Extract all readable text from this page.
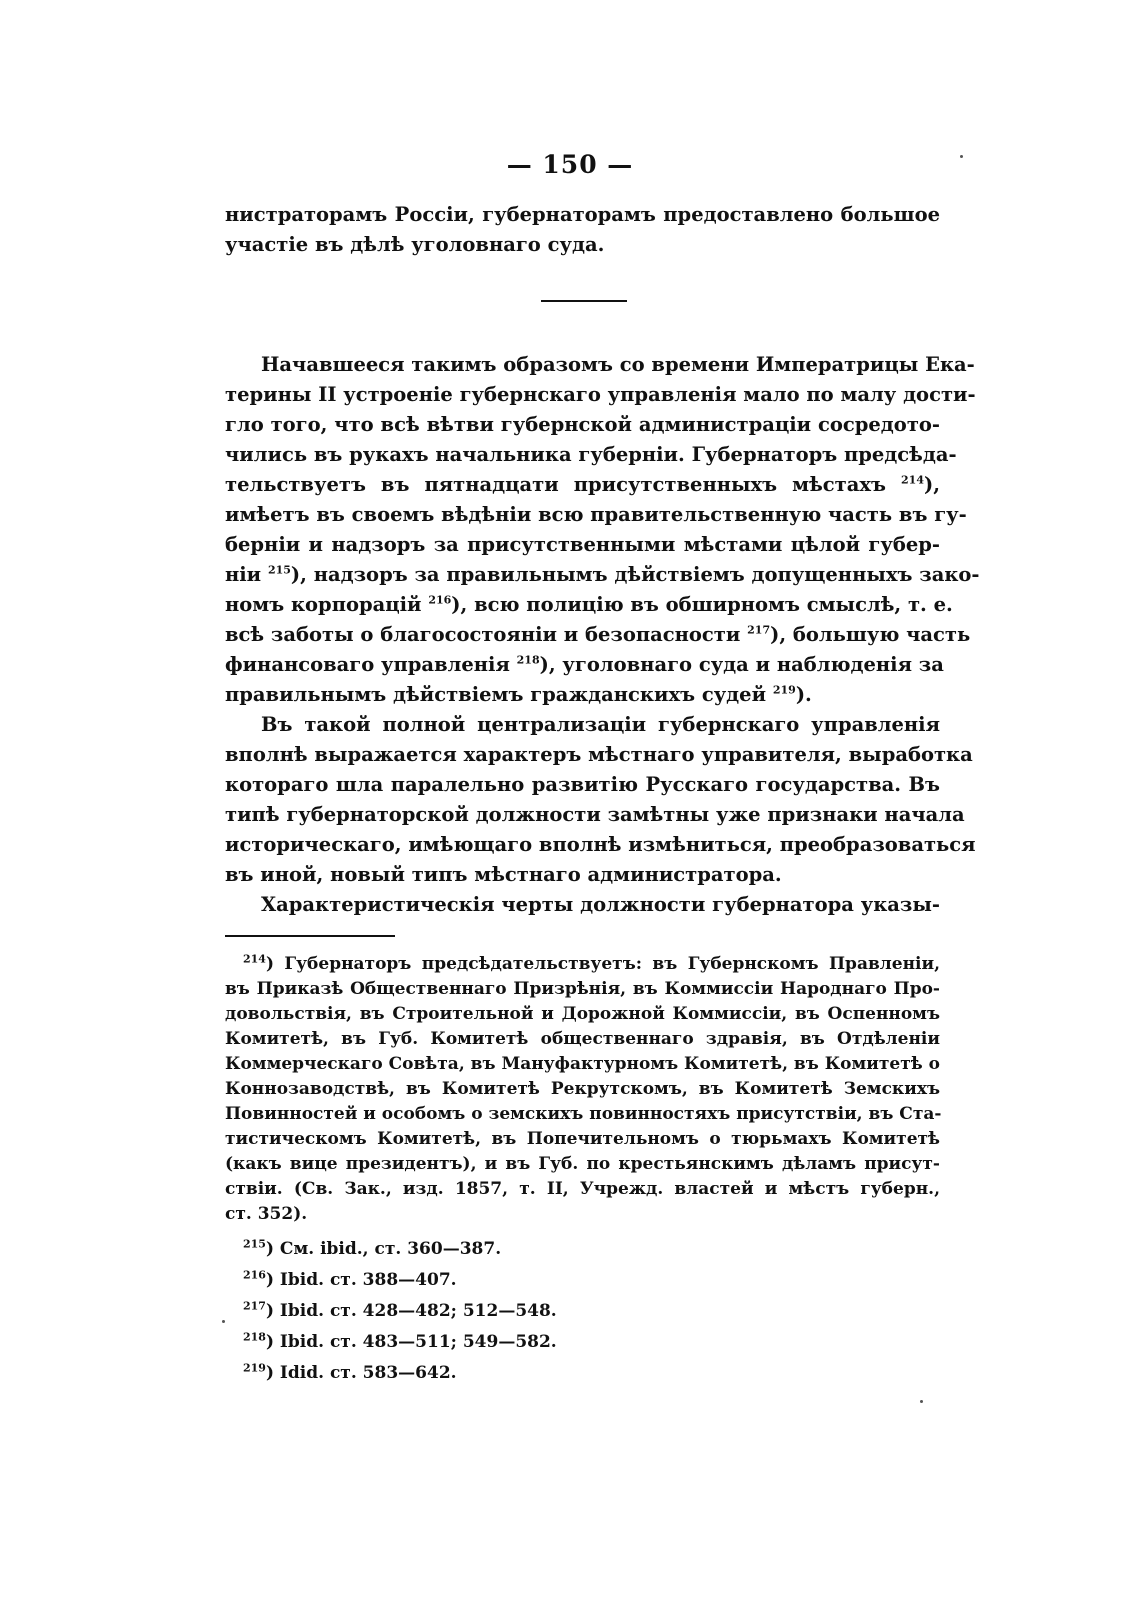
— 150 —
нистраторамъ Россіи, губернаторамъ предоставлено большое
участіе въ дѣлѣ уголовнаго суда.
Начавшееся такимъ образомъ со времени Императрицы Ека-
терины II устроеніе губернскаго управленія мало по малу дости-
гло того, что всѣ вѣтви губернской администраціи сосредото-
чились въ рукахъ начальника губерніи. Губернаторъ предсѣда-
тельствуетъ въ пятнадцати присутственныхъ мѣстахъ $^{214}$),
имѣетъ въ своемъ вѣдѣніи всю правительственную часть въ гу-
берніи и надзоръ за присутственными мѣстами цѣлой губер-
ніи $^{215}$), надзоръ за правильнымъ дѣйствіемъ допущенныхъ зако-
номъ корпорацій $^{216}$), всю полицію въ обширномъ смыслѣ, т. е.
всѣ заботы о благосостояніи и безопасности $^{217}$), большую часть
финансоваго управленія $^{218}$), уголовнаго суда и наблюденія за
правильнымъ дѣйствіемъ гражданскихъ судей $^{219}$).
Въ такой полной централизаціи губернскаго управленія
вполнѣ выражается характеръ мѣстнаго управителя, выработка
котораго шла паралельно развитію Русскаго государства. Въ
типѣ губернаторской должности замѣтны уже признаки начала
историческаго, имѣющаго вполнѣ измѣниться, преобразоваться
въ иной, новый типъ мѣстнаго администратора.
Характеристическія черты должности губернатора указы-
$^{214}$) Губернаторъ предсѣдательствуетъ: въ Губернскомъ Правленіи,
въ Приказѣ Общественнаго Призрѣнія, въ Коммиссіи Народнаго Про-
довольствія, въ Строительной и Дорожной Коммиссіи, въ Оспенномъ
Комитетѣ, въ Губ. Комитетѣ общественнаго здравія, въ Отдѣленіи
Коммерческаго Совѣта, въ Мануфактурномъ Комитетѣ, въ Комитетѣ о
Коннозаводствѣ, въ Комитетѣ Рекрутскомъ, въ Комитетѣ Земскихъ
Повинностей и особомъ о земскихъ повинностяхъ присутствіи, въ Ста-
тистическомъ Комитетѣ, въ Попечительномъ о тюрьмахъ Комитетѣ
(какъ вице президентъ), и въ Губ. по крестьянскимъ дѣламъ присут-
ствіи. (Св. Зак., изд. 1857, т. II, Учрежд. властей и мѣстъ губерн.,
ст. 352).
$^{215}$) См. ibid., ст. 360—387.
$^{216}$) Ibid. ст. 388—407.
$^{217}$) Ibid. ст. 428—482; 512—548.
$^{218}$) Ibid. ст. 483—511; 549—582.
$^{219}$) Idid. ст. 583—642.
